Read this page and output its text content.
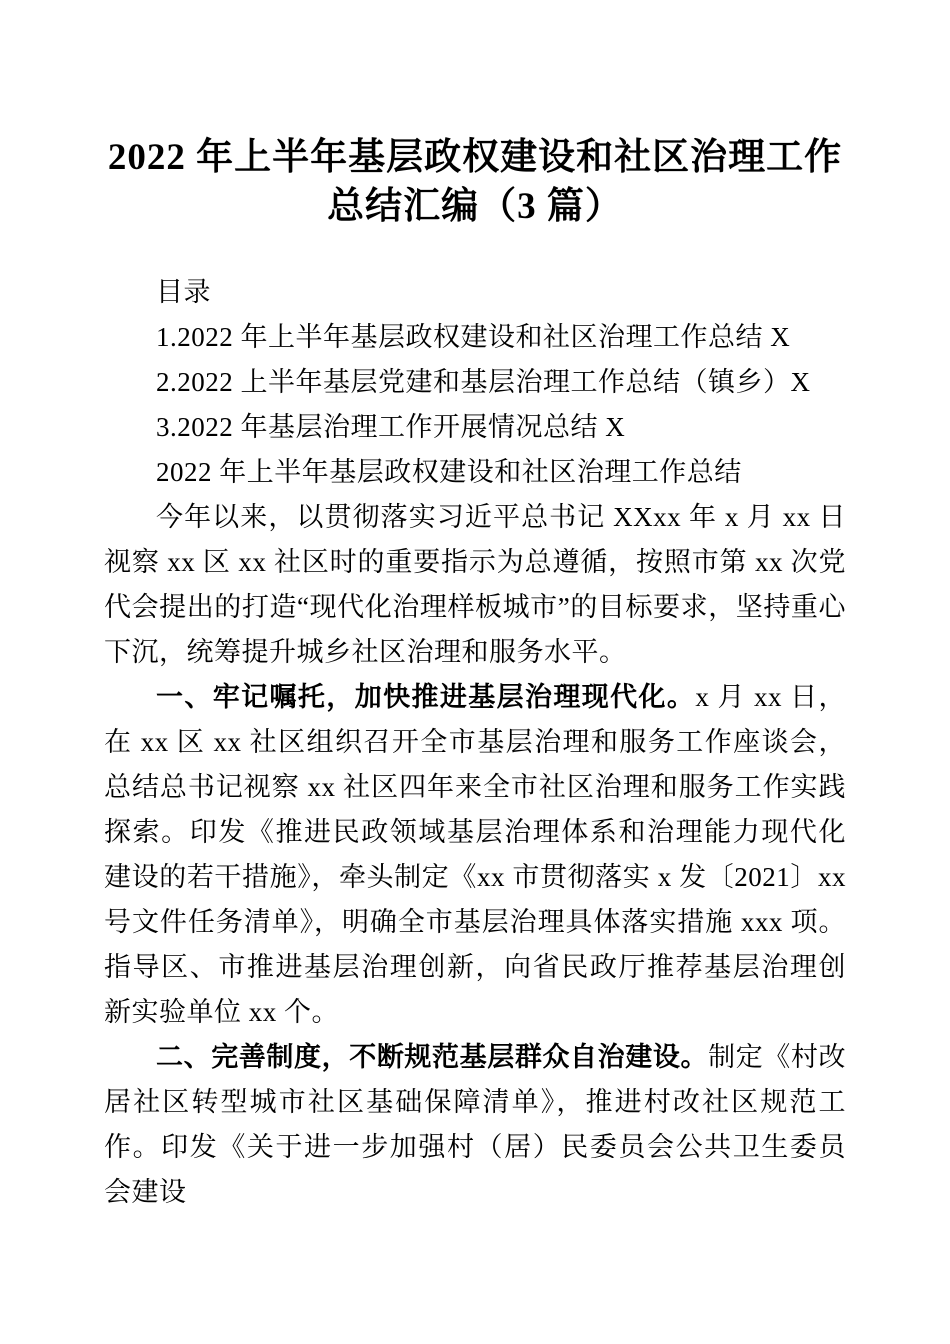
2022 年上半年基层政权建设和社区治理工作总结汇编（3 篇）

目录

1.2022 年上半年基层政权建设和社区治理工作总结 X

2.2022 上半年基层党建和基层治理工作总结（镇乡）X

3.2022 年基层治理工作开展情况总结 X

2022 年上半年基层政权建设和社区治理工作总结

今年以来，以贯彻落实习近平总书记 XXxx 年 x 月 xx 日视察 xx 区 xx 社区时的重要指示为总遵循，按照市第 xx 次党代会提出的打造“现代化治理样板城市”的目标要求，坚持重心下沉，统筹提升城乡社区治理和服务水平。

一、牢记嘱托，加快推进基层治理现代化。x 月 xx 日，在 xx 区 xx 社区组织召开全市基层治理和服务工作座谈会，总结总书记视察 xx 社区四年来全市社区治理和服务工作实践探索。印发《推进民政领域基层治理体系和治理能力现代化建设的若干措施》，牵头制定《xx 市贯彻落实 x 发〔2021〕xx 号文件任务清单》，明确全市基层治理具体落实措施 xxx 项。指导区、市推进基层治理创新，向省民政厅推荐基层治理创新实验单位 xx 个。

二、完善制度，不断规范基层群众自治建设。制定《村改居社区转型城市社区基础保障清单》，推进村改社区规范工作。印发《关于进一步加强村（居）民委员会公共卫生委员会建设
